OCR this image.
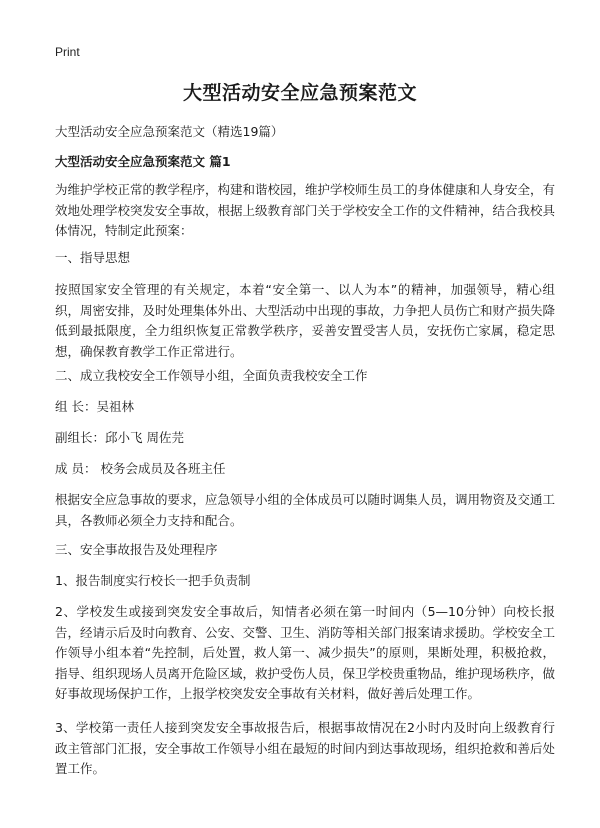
Print
大型活动安全应急预案范文

大型活动安全应急预案范文（精选19篇）

大型活动安全应急预案范文 篇1

为维护学校正常的教学程序，构建和谐校园，维护学校师生员工的身体健康和人身安全，有效地处理学校突发安全事故，根据上级教育部门关于学校安全工作的文件精神，结合我校具体情况，特制定此预案：

一、指导思想

按照国家安全管理的有关规定，本着“安全第一、以人为本”的精神，加强领导，精心组织，周密安排，及时处理集体外出、大型活动中出现的事故，力争把人员伤亡和财产损失降低到最抵限度，全力组织恢复正常教学秩序，妥善安置受害人员，安抚伤亡家属，稳定思想，确保教育教学工作正常进行。

二、成立我校安全工作领导小组，全面负责我校安全工作

组 长：吴祖林

副组长：邱小飞 周佐芫

成 员： 校务会成员及各班主任

根据安全应急事故的要求，应急领导小组的全体成员可以随时调集人员，调用物资及交通工具，各教师必须全力支持和配合。

三、安全事故报告及处理程序

1、报告制度实行校长一把手负责制

2、学校发生或接到突发安全事故后，知情者必须在第一时间内（5—10分钟）向校长报告，经请示后及时向教育、公安、交警、卫生、消防等相关部门报案请求援助。学校安全工作领导小组本着“先控制，后处置，救人第一、减少损失”的原则，果断处理，积极抢救，指导、组织现场人员离开危险区域，救护受伤人员，保卫学校贵重物品，维护现场秩序，做好事故现场保护工作，上报学校突发安全事故有关材料，做好善后处理工作。

3、学校第一责任人接到突发安全事故报告后，根据事故情况在2小时内及时向上级教育行政主管部门汇报，安全事故工作领导小组在最短的时间内到达事故现场，组织抢救和善后处置工作。
